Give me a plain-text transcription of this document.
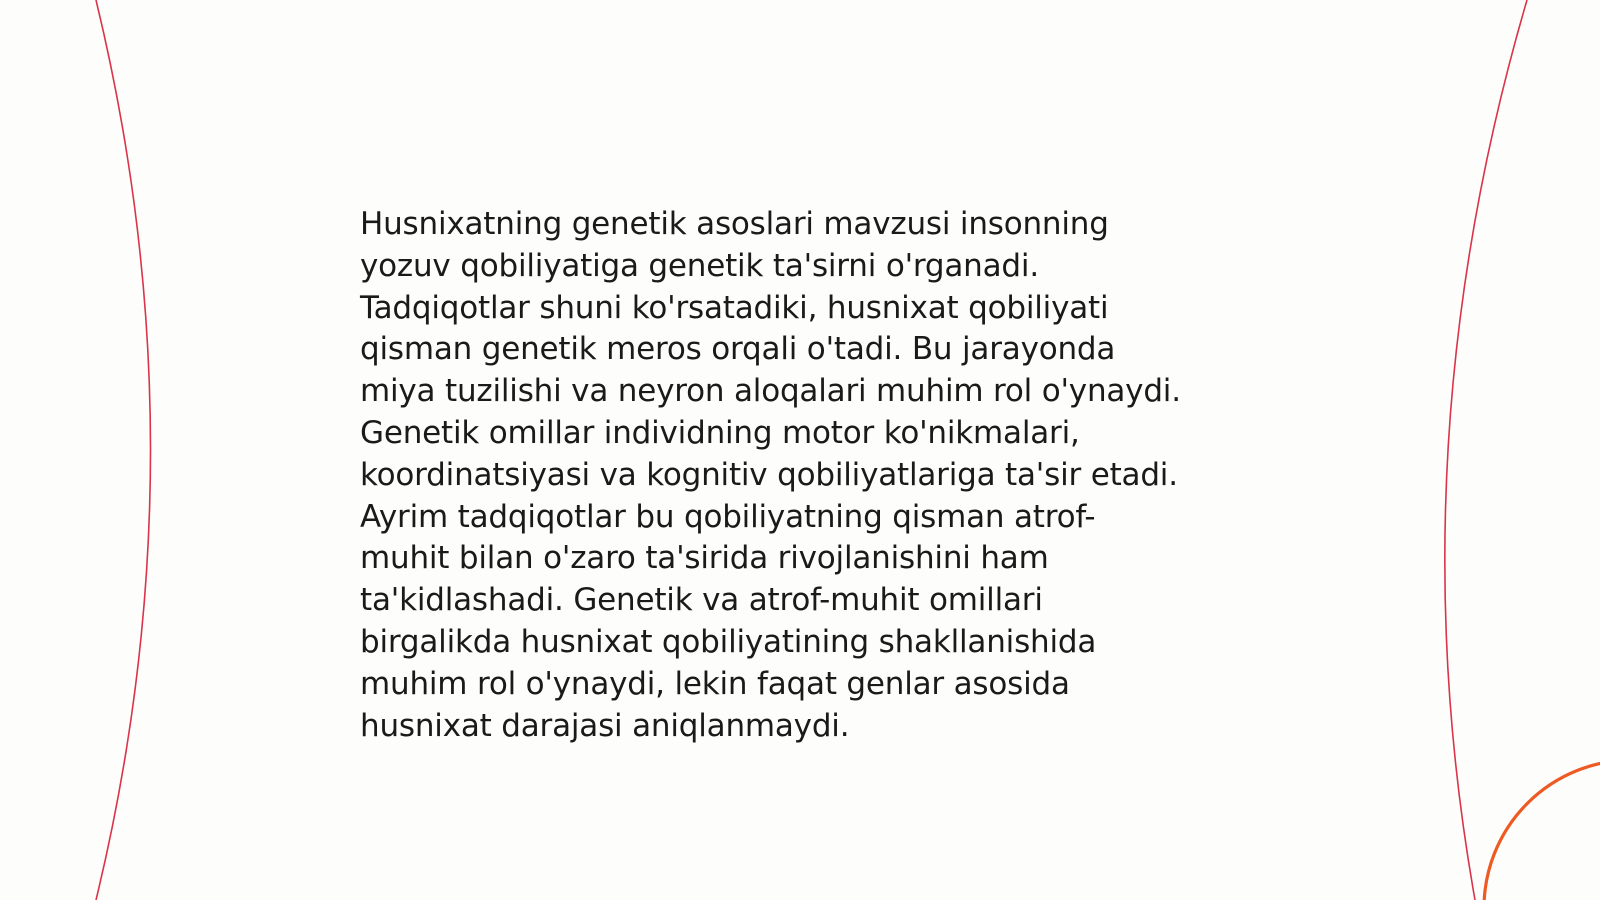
Husnixatning genetik asoslari mavzusi insonning
yozuv qobiliyatiga genetik ta'sirni o'rganadi.
Tadqiqotlar shuni ko'rsatadiki, husnixat qobiliyati
qisman genetik meros orqali o'tadi. Bu jarayonda
miya tuzilishi va neyron aloqalari muhim rol o'ynaydi.
Genetik omillar individning motor ko'nikmalari,
koordinatsiyasi va kognitiv qobiliyatlariga ta'sir etadi.
Ayrim tadqiqotlar bu qobiliyatning qisman atrof-
muhit bilan o'zaro ta'sirida rivojlanishini ham
ta'kidlashadi. Genetik va atrof-muhit omillari
birgalikda husnixat qobiliyatining shakllanishida
muhim rol o'ynaydi, lekin faqat genlar asosida
husnixat darajasi aniqlanmaydi.
